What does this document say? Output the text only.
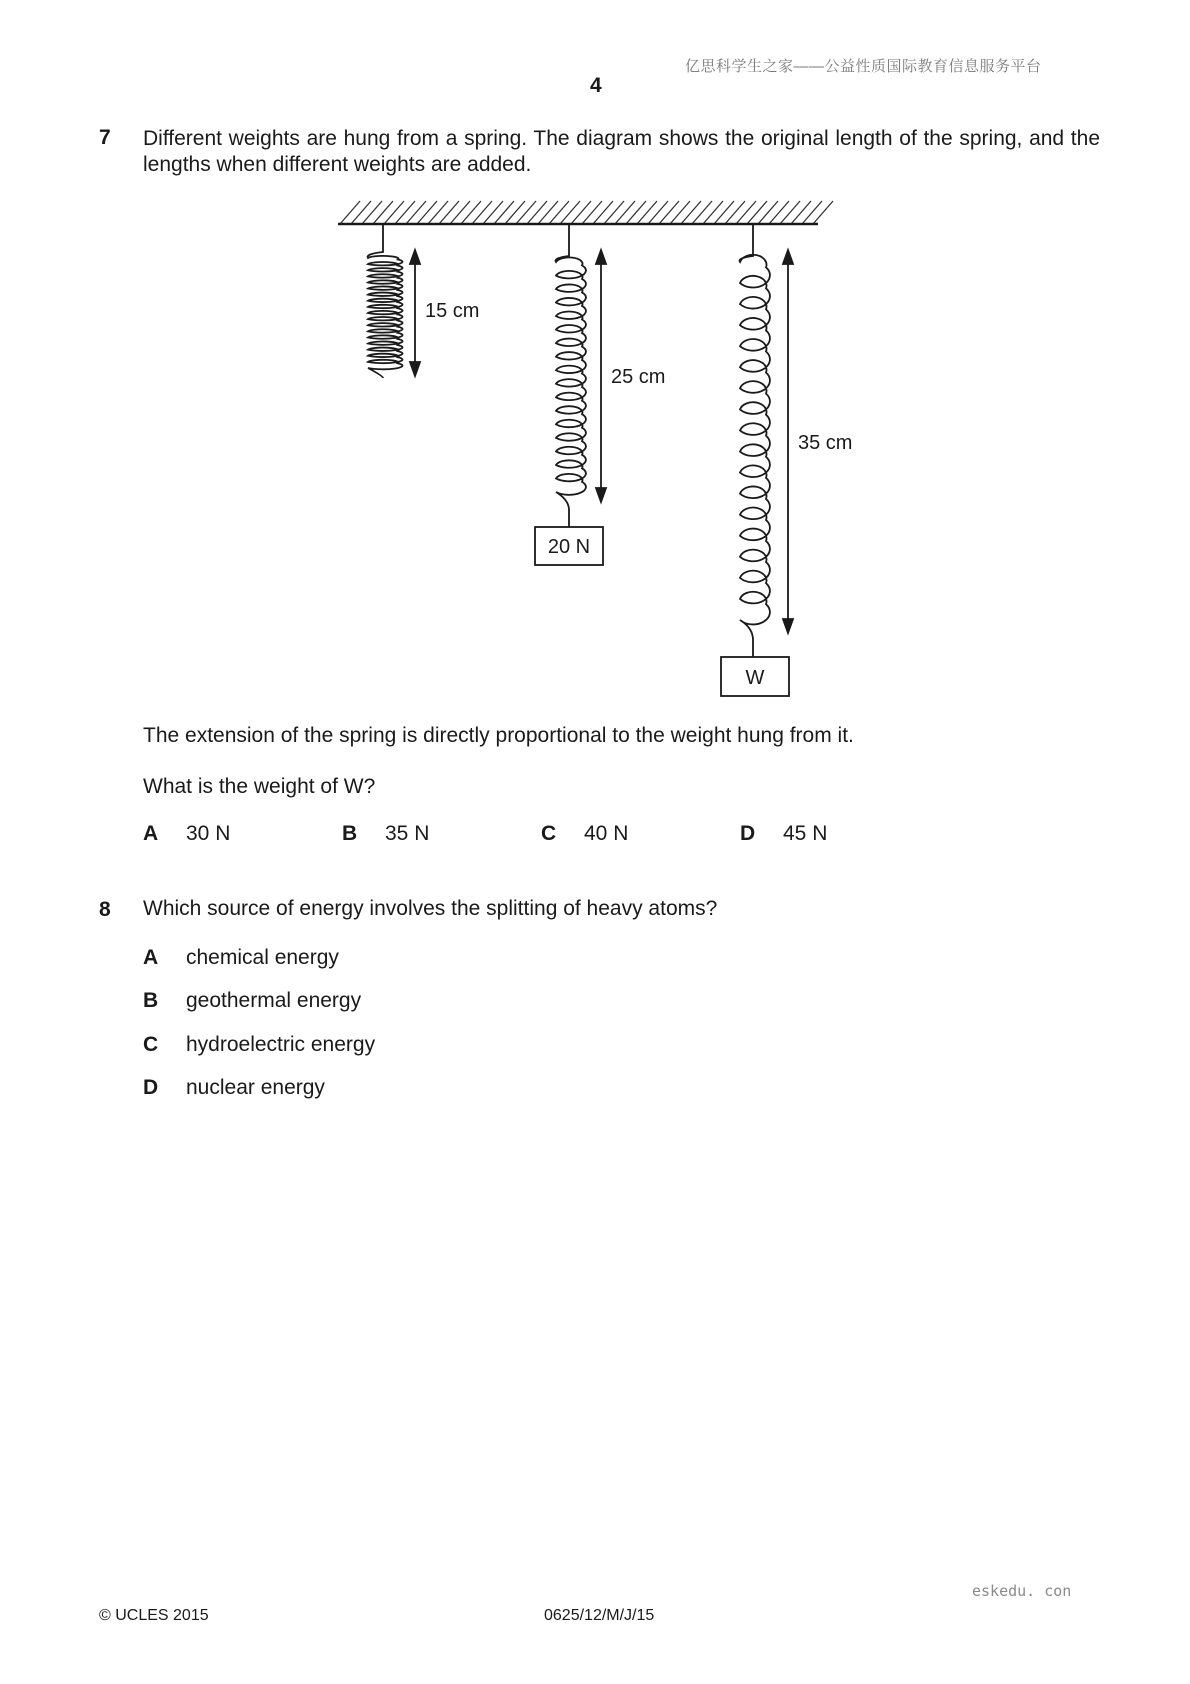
亿思科学生之家——公益性质国际教育信息服务平台
4
7 Different weights are hung from a spring. The diagram shows the original length of the spring, and the lengths when different weights are added.
15 cm
25 cm
35 cm
20 N
W
The extension of the spring is directly proportional to the weight hung from it.
What is the weight of W?
A 30 N	B 35 N	C 40 N	D 45 N
8 Which source of energy involves the splitting of heavy atoms?
A chemical energy
B geothermal energy
C hydroelectric energy
D nuclear energy
eskedu. con
© UCLES 2015	0625/12/M/J/15
